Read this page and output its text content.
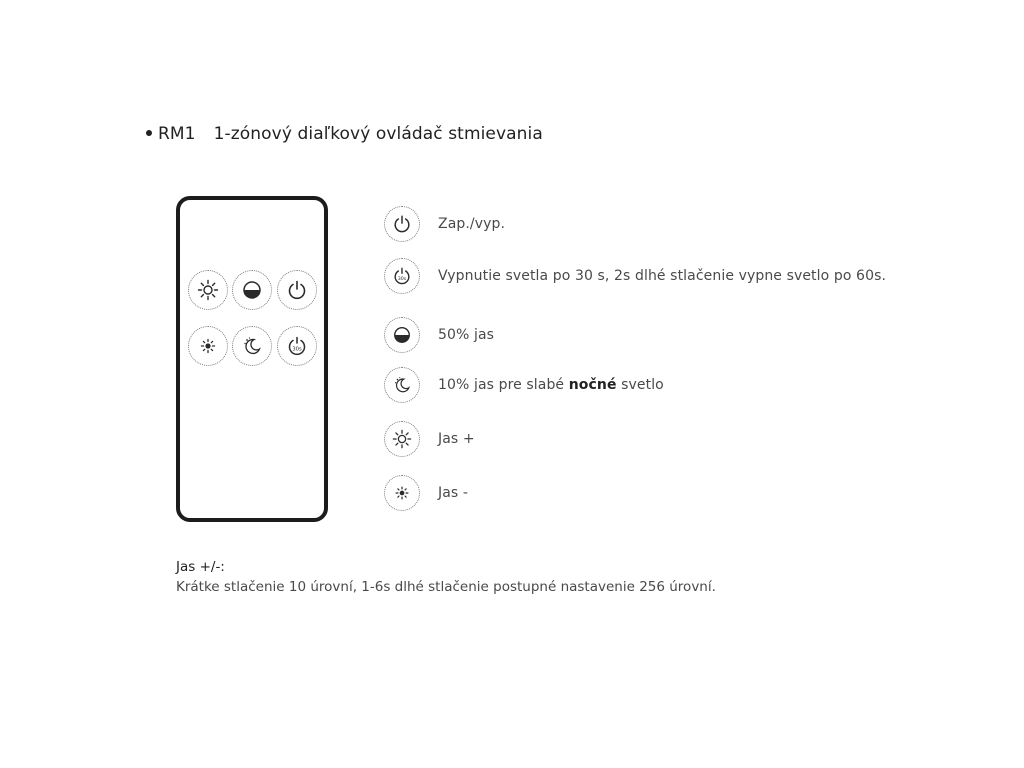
RM1 1-zónový diaľkový ovládač stmievania
30s
Zap./vyp.
30s Vypnutie svetla po 30 s, 2s dlhé stlačenie vypne svetlo po 60s.
50% jas
10% jas pre slabé nočné svetlo
Jas +
Jas -
Jas +/-:
Krátke stlačenie 10 úrovní, 1-6s dlhé stlačenie postupné nastavenie 256 úrovní.
